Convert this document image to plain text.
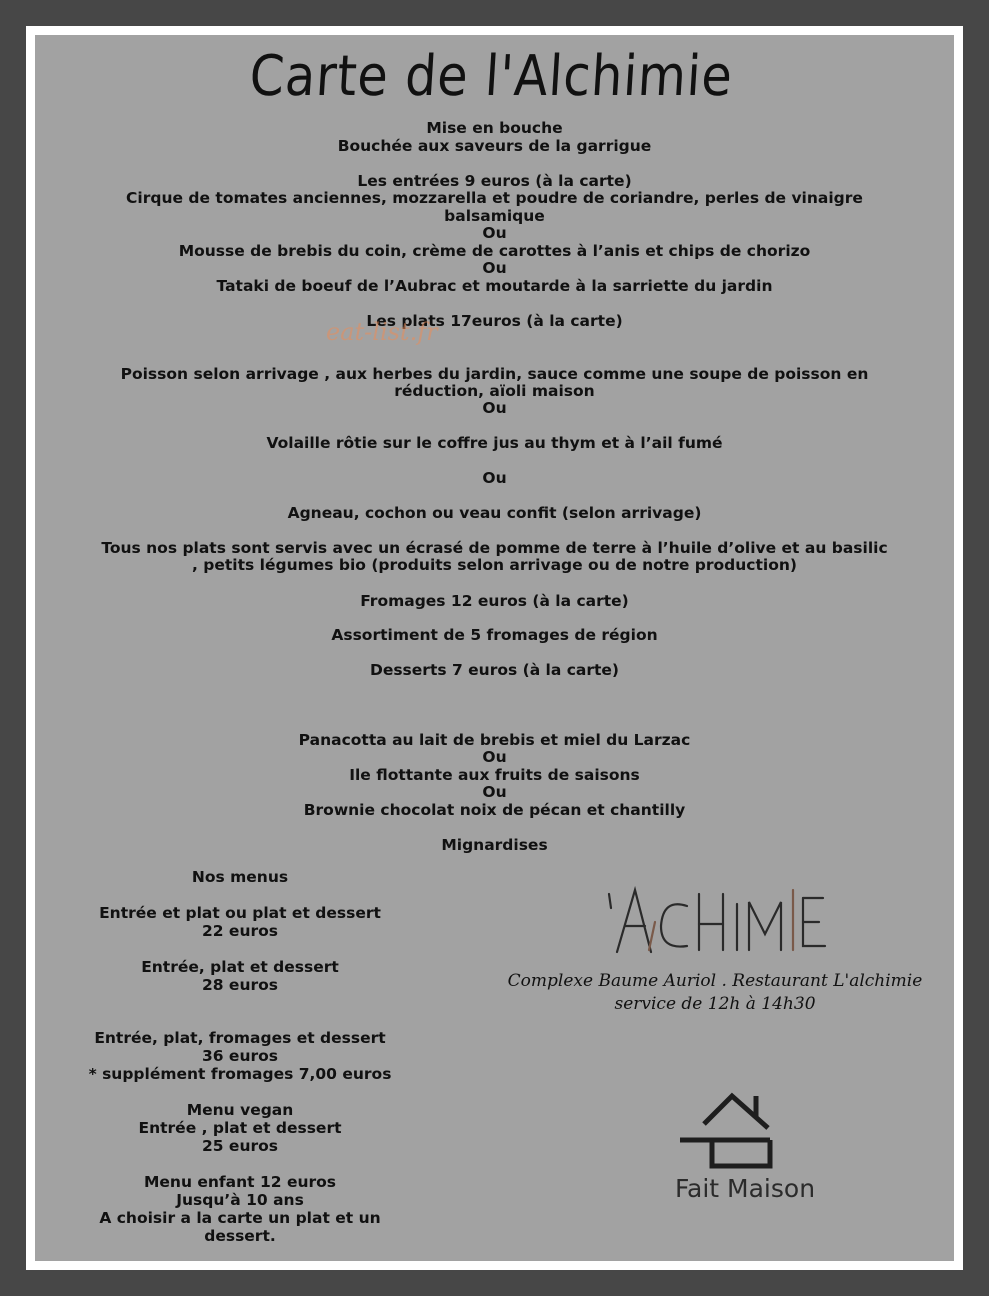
Carte de l'Alchimie
Mise en bouche
Bouchée aux saveurs de la garrigue
Les entrées 9 euros (à la carte)
Cirque de tomates anciennes, mozzarella et poudre de coriandre, perles de vinaigre
balsamique
Ou
Mousse de brebis du coin, crème de carottes à l’anis et chips de chorizo
Ou
Tataki de boeuf de l’Aubrac et moutarde à la sarriette du jardin
Les plats 17euros (à la carte)
eat-list.fr
Poisson selon arrivage , aux herbes du jardin, sauce comme une soupe de poisson en
réduction, aïoli maison
Ou
Volaille rôtie sur le coffre jus au thym et à l’ail fumé
Ou
Agneau, cochon ou veau confit (selon arrivage)
Tous nos plats sont servis avec un écrasé de pomme de terre à l’huile d’olive et au basilic
, petits légumes bio (produits selon arrivage ou de notre production)
Fromages 12 euros (à la carte)
Assortiment de 5 fromages de région
Desserts 7 euros (à la carte)
Panacotta au lait de brebis et miel du Larzac
Ou
Ile flottante aux fruits de saisons
Ou
Brownie chocolat noix de pécan et chantilly
Mignardises
Nos menus
Entrée et plat ou plat et dessert
22 euros
Entrée, plat et dessert
28 euros
Entrée, plat, fromages et dessert
36 euros
* supplément fromages 7,00 euros
Menu vegan
Entrée , plat et dessert
25 euros
Menu enfant 12 euros
Jusqu’à 10 ans
A choisir a la carte un plat et un
dessert.
Complexe Baume Auriol . Restaurant L'alchimie
service de 12h à 14h30
Fait Maison
